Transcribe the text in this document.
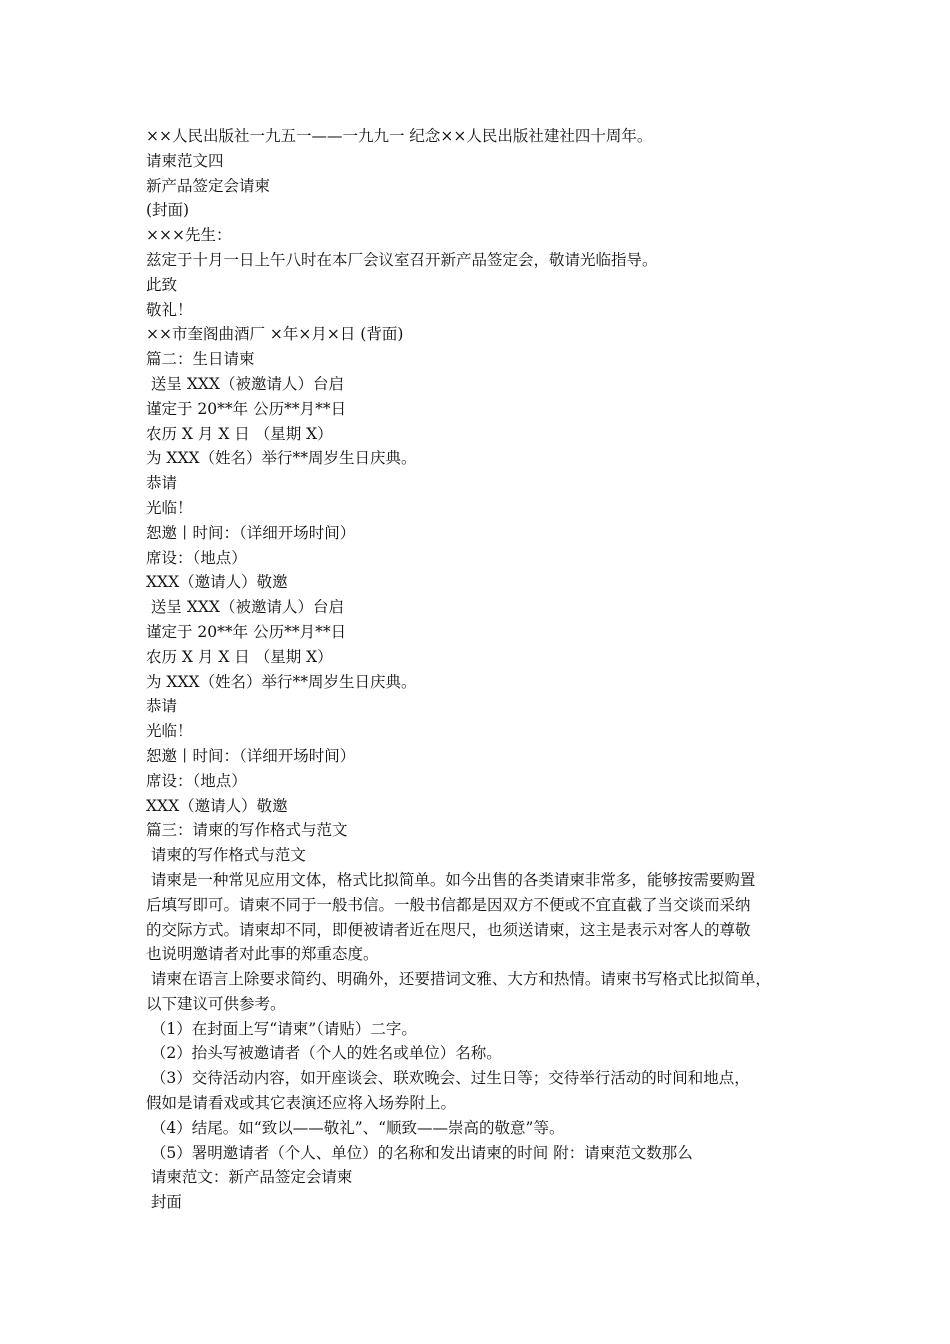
××人民出版社一九五一——一九九一 纪念××人民出版社建社四十周年。
请柬范文四
新产品签定会请柬
(封面)
×××先生：
兹定于十月一日上午八时在本厂会议室召开新产品签定会，敬请光临指导。
此致
敬礼！
××市奎阁曲酒厂 ×年×月×日 (背面)
篇二：生日请柬
送呈 XXX（被邀请人）台启
谨定于 20**年 公历**月**日
农历 X 月 X 日 （星期 X）
为 XXX（姓名）举行**周岁生日庆典。
恭请
光临！
恕邀丨时间：（详细开场时间）
席设：（地点）
XXX（邀请人）敬邀
送呈 XXX（被邀请人）台启
谨定于 20**年 公历**月**日
农历 X 月 X 日 （星期 X）
为 XXX（姓名）举行**周岁生日庆典。
恭请
光临！
恕邀丨时间：（详细开场时间）
席设：（地点）
XXX（邀请人）敬邀
篇三：请柬的写作格式与范文
请柬的写作格式与范文
请柬是一种常见应用文体，格式比拟简单。如今出售的各类请柬非常多，能够按需要购置
后填写即可。请柬不同于一般书信。一般书信都是因双方不便或不宜直截了当交谈而采纳
的交际方式。请柬却不同，即便被请者近在咫尺，也须送请柬，这主是表示对客人的尊敬
也说明邀请者对此事的郑重态度。
请柬在语言上除要求简约、明确外，还要措词文雅、大方和热情。请柬书写格式比拟简单，
以下建议可供参考。
（1）在封面上写“请柬”（请贴）二字。
（2）抬头写被邀请者（个人的姓名或单位）名称。
（3）交待活动内容，如开座谈会、联欢晚会、过生日等；交待举行活动的时间和地点，
假如是请看戏或其它表演还应将入场券附上。
（4）结尾。如“致以——敬礼”、“顺致——崇高的敬意”等。
（5）署明邀请者（个人、单位）的名称和发出请柬的时间 附：请柬范文数那么
请柬范文：新产品签定会请柬
封面
